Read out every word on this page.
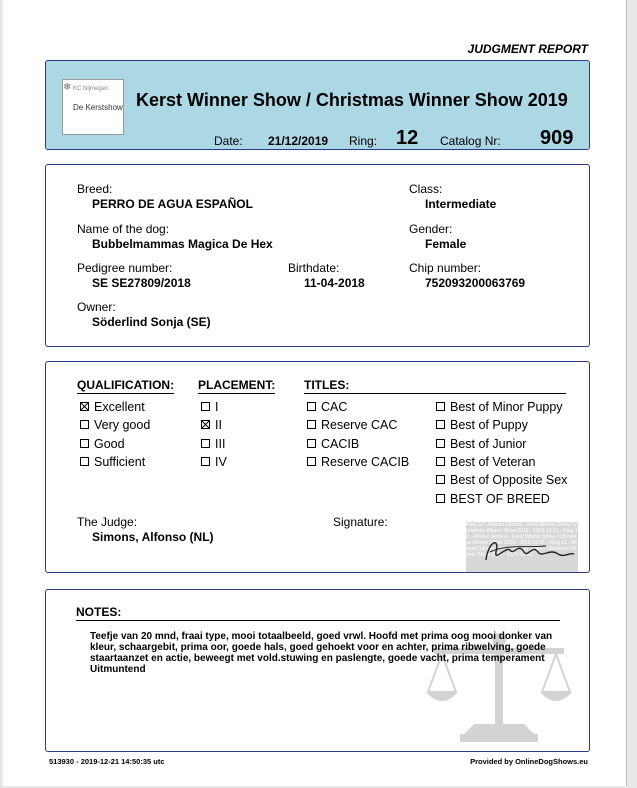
JUDGMENT REPORT
❄ KC Nijmegen
De Kerstshow Kerst Winner Show / Christmas Winner Show 2019
Date: 21/12/2019 Ring: 12 Catalog Nr: 909
Breed:
PERRO DE AGUA ESPAÑOL
Class:
Intermediate
Name of the dog:
Bubbelmammas Magica De Hex
Gender:
Female
Pedigree number:
SE SE27809/2018
Birthdate:
11-04-2018
Chip number:
752093200063769
Owner:
Söderlind Sonja (SE)
QUALIFICATION: PLACEMENT: TITLES:
Excellent
Very good
Good
Sufficient
I
II
III
IV
CAC
Reserve CAC
CACIB
Reserve CACIB
Best of Minor Puppy
Best of Puppy
Best of Junior
Best of Veteran
Best of Opposite Sex
BEST OF BREED
The Judge:
Simons, Alfonso (NL)
Signature:	Ring 12 - Alfonso Simons - Kerst Winner Show / Christmas Winner Show 2019 - 2019-12-21 - Ring 12 - Alfonso Simons - Kerst Winner Show / Christmas Winner Show 2019 - 2019-12-21 - Ring 12 - Alfonso Simons - Kerst Winner Show / Christmas Winner Show 2019 - 2019-12-21
NOTES:
Teefje van 20 mnd, fraai type, mooi totaalbeeld, goed vrwl. Hoofd met prima oog mooi donker van kleur, schaargebit, prima oor, goede hals, goed gehoekt voor en achter, prima ribwelving, goede staartaanzet en actie, beweegt met vold.stuwing en paslengte, goede vacht, prima temperament
Uitmuntend
513930 - 2019-12-21 14:50:35 utc	Provided by OnlineDogShows.eu
